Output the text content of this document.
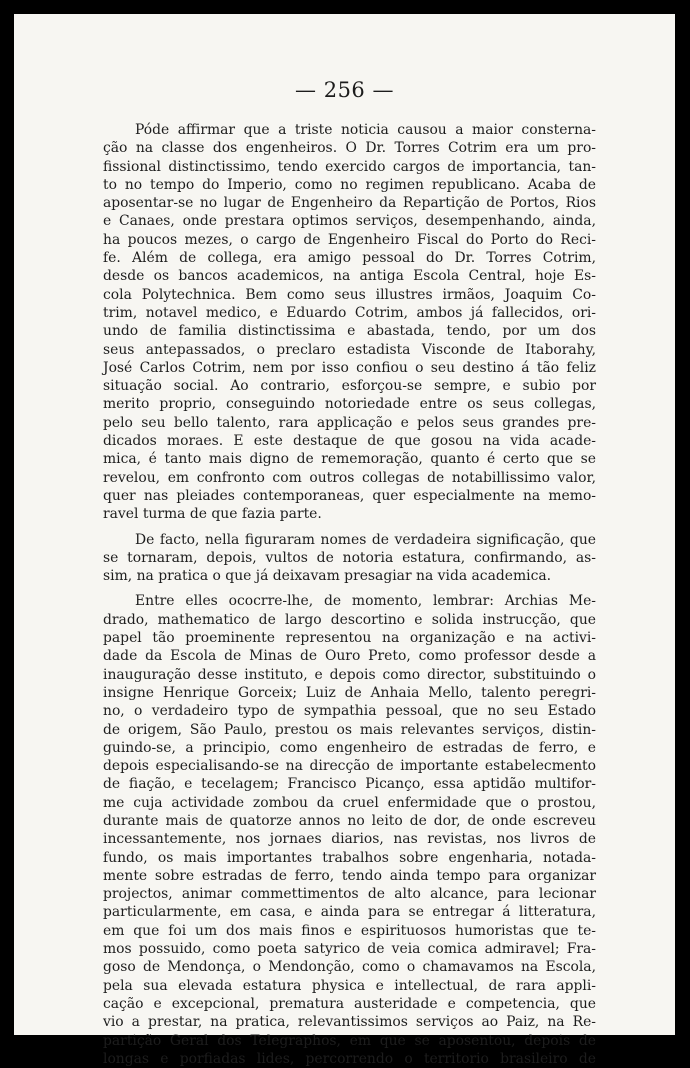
— 256 —
Póde affirmar que a triste noticia causou a maior consterna-
ção na classe dos engenheiros. O Dr. Torres Cotrim era um pro-
fissional distinctissimo, tendo exercido cargos de importancia, tan-
to no tempo do Imperio, como no regimen republicano. Acaba de
aposentar-se no lugar de Engenheiro da Repartição de Portos, Rios
e Canaes, onde prestara optimos serviços, desempenhando, ainda,
ha poucos mezes, o cargo de Engenheiro Fiscal do Porto do Reci-
fe. Além de collega, era amigo pessoal do Dr. Torres Cotrim,
desde os bancos academicos, na antiga Escola Central, hoje Es-
cola Polytechnica. Bem como seus illustres irmãos, Joaquim Co-
trim, notavel medico, e Eduardo Cotrim, ambos já fallecidos, ori-
undo de familia distinctissima e abastada, tendo, por um dos
seus antepassados, o preclaro estadista Visconde de Itaborahy,
José Carlos Cotrim, nem por isso confiou o seu destino á tão feliz
situação social. Ao contrario, esforçou-se sempre, e subio por
merito proprio, conseguindo notoriedade entre os seus collegas,
pelo seu bello talento, rara applicação e pelos seus grandes pre-
dicados moraes. E este destaque de que gosou na vida acade-
mica, é tanto mais digno de rememoração, quanto é certo que se
revelou, em confronto com outros collegas de notabillissimo valor,
quer nas pleiades contemporaneas, quer especialmente na memo-
ravel turma de que fazia parte.
De facto, nella figuraram nomes de verdadeira significação, que
se tornaram, depois, vultos de notoria estatura, confirmando, as-
sim, na pratica o que já deixavam presagiar na vida academica.
Entre elles ococrre-lhe, de momento, lembrar: Archias Me-
drado, mathematico de largo descortino e solida instrucção, que
papel tão proeminente representou na organização e na activi-
dade da Escola de Minas de Ouro Preto, como professor desde a
inauguração desse instituto, e depois como director, substituindo o
insigne Henrique Gorceix; Luiz de Anhaia Mello, talento peregri-
no, o verdadeiro typo de sympathia pessoal, que no seu Estado
de origem, São Paulo, prestou os mais relevantes serviços, distin-
guindo-se, a principio, como engenheiro de estradas de ferro, e
depois especialisando-se na direcção de importante estabelecmento
de fiação, e tecelagem; Francisco Picanço, essa aptidão multifor-
me cuja actividade zombou da cruel enfermidade que o prostou,
durante mais de quatorze annos no leito de dor, de onde escreveu
incessantemente, nos jornaes diarios, nas revistas, nos livros de
fundo, os mais importantes trabalhos sobre engenharia, notada-
mente sobre estradas de ferro, tendo ainda tempo para organizar
projectos, animar commettimentos de alto alcance, para lecionar
particularmente, em casa, e ainda para se entregar á litteratura,
em que foi um dos mais finos e espirituosos humoristas que te-
mos possuido, como poeta satyrico de veia comica admiravel; Fra-
goso de Mendonça, o Mendonção, como o chamavamos na Escola,
pela sua elevada estatura physica e intellectual, de rara appli-
cação e excepcional, prematura austeridade e competencia, que
vio a prestar, na pratica, relevantissimos serviços ao Paiz, na Re-
partição Geral dos Telegraphos, em que se aposentou, depois de
longas e porfiadas lides, percorrendo o territorio brasileiro de
